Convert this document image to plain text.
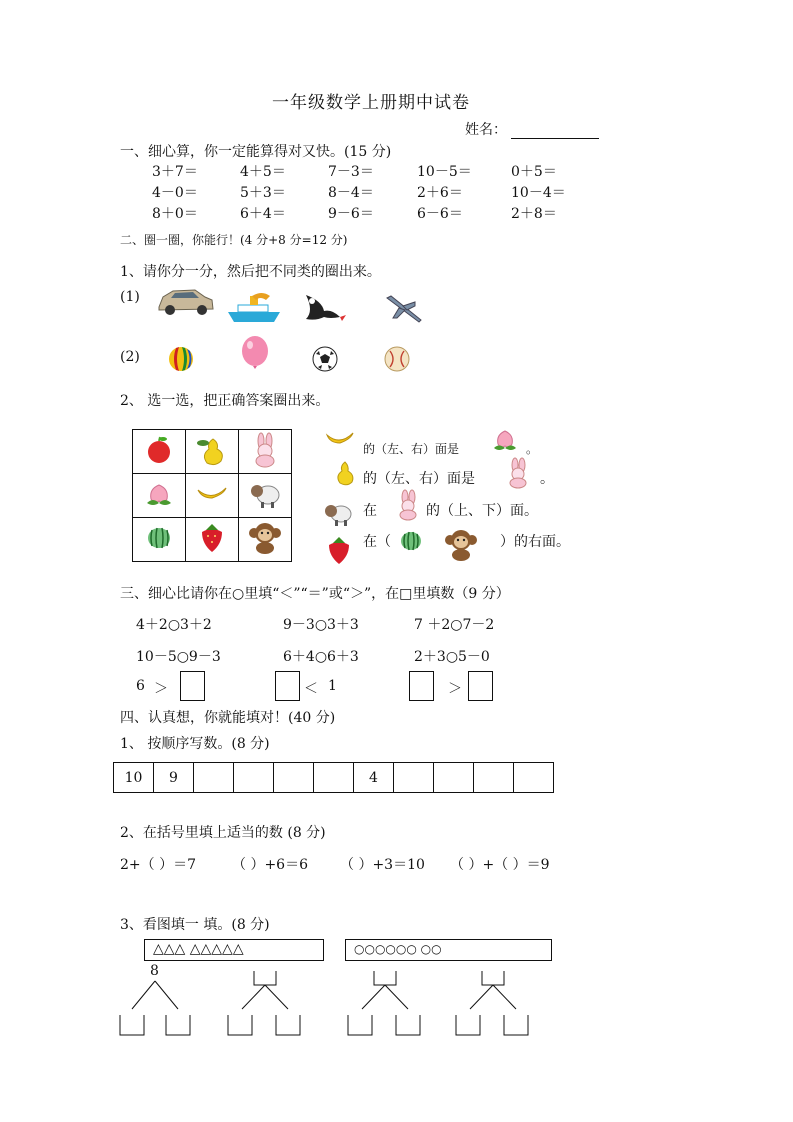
一年级数学上册期中试卷
姓名：
一、细心算，你一定能算得对又快。(15 分)
3＋7＝	4＋5＝	7－3＝	10－5＝	0＋5＝
4－0＝	5＋3＝	8－4＝	2＋6＝	10－4＝
8＋0＝	6＋4＝	9－6＝	6－6＝	2＋8＝
二、圈一圈，你能行！(4 分+8 分=12 分)
1、请你分一分，然后把不同类的圈出来。
(1)
(2)
2、 选一选，把正确答案圈出来。

的（左、右）面是	。
的（左、右）面是	。
在	的（上、下）面。
在（	）的右面。
三、细心比请你在○里填“＜”“＝”或“＞”，在□里填数（9 分）
4＋2○3＋2	9－3○3＋3	7 ＋2○7－2
10－5○9－3	6＋4○6＋3	2＋3○5－0
6 ＞	＜ 1	＞
四、认真想，你就能填对！(40 分)
1、 按顺序写数。(8 分)
10	9					4				
2、在括号里填上适当的数 (8 分)
2+（ ）＝7	（ ）+6＝6 （ ）+3＝10 （ ）+（ ）＝9
3、看图填一 填。(8 分)
△△△ △△△△△	○○○○○○ ○○
8
